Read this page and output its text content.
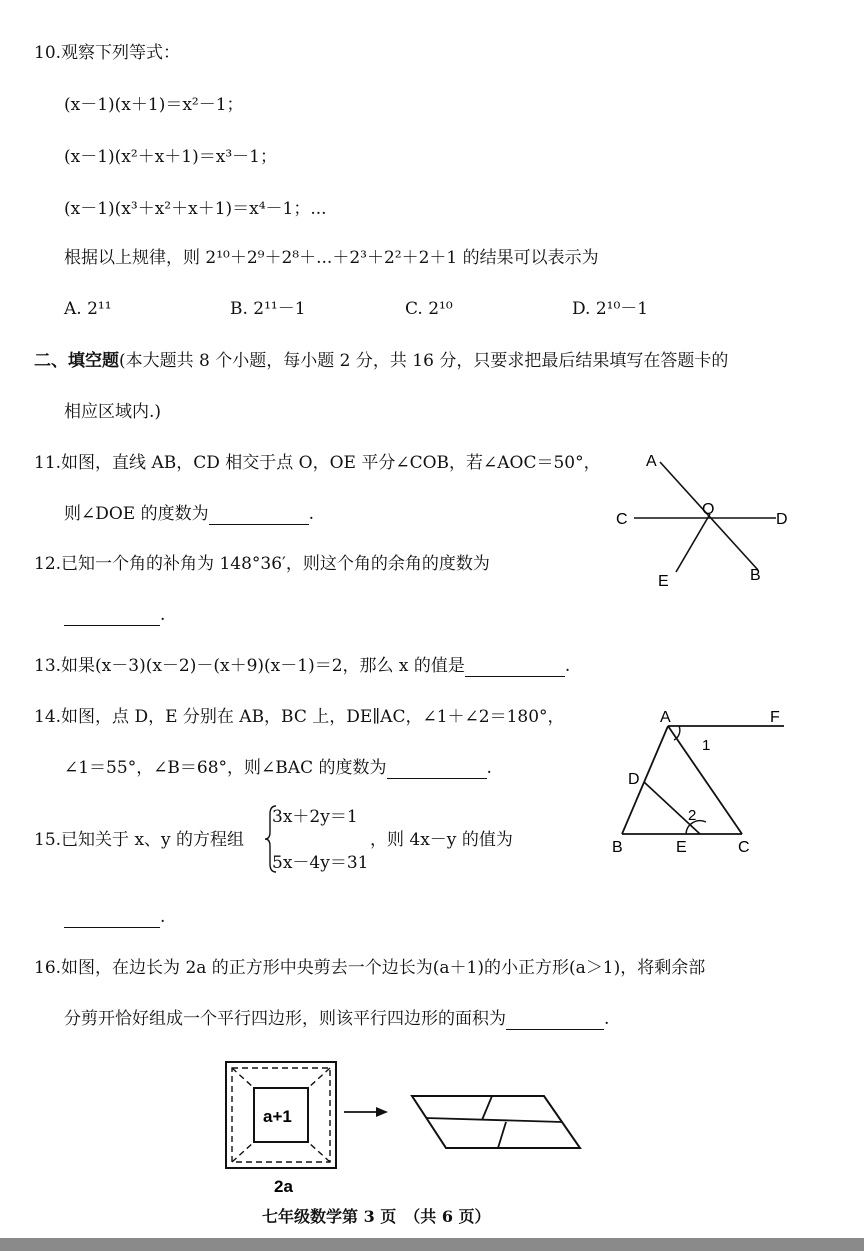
10.观察下列等式：
(x－1)(x＋1)＝x²－1；
(x－1)(x²＋x＋1)＝x³－1；
(x－1)(x³＋x²＋x＋1)＝x⁴－1；...
根据以上规律，则 2¹⁰＋2⁹＋2⁸＋...＋2³＋2²＋2＋1 的结果可以表示为
A. 2¹¹	B. 2¹¹－1	C. 2¹⁰	D. 2¹⁰－1
二、填空题(本大题共 8 个小题，每小题 2 分，共 16 分，只要求把最后结果填写在答题卡的
相应区域内.)
11.如图，直线 AB，CD 相交于点 O，OE 平分∠COB，若∠AOC＝50°，
则∠DOE 的度数为	.
A
C
O
D
E	B
12.已知一个角的补角为 148°36′，则这个角的余角的度数为
.
13.如果(x－3)(x－2)－(x＋9)(x－1)＝2，那么 x 的值是	.
14.如图，点 D，E 分别在 AB，BC 上，DE∥AC，∠1＋∠2＝180°，
∠1＝55°，∠B＝68°，则∠BAC 的度数为	.
A	F
D
B	E	C
1
2
15.已知关于 x、y 的方程组
3x＋2y＝1
5x－4y＝31
，则 4x－y 的值为
.
16.如图，在边长为 2a 的正方形中央剪去一个边长为(a＋1)的小正方形(a＞1)，将剩余部
分剪开恰好组成一个平行四边形，则该平行四边形的面积为	.
a+1
2a
七年级数学第 3 页　（共 6 页）
